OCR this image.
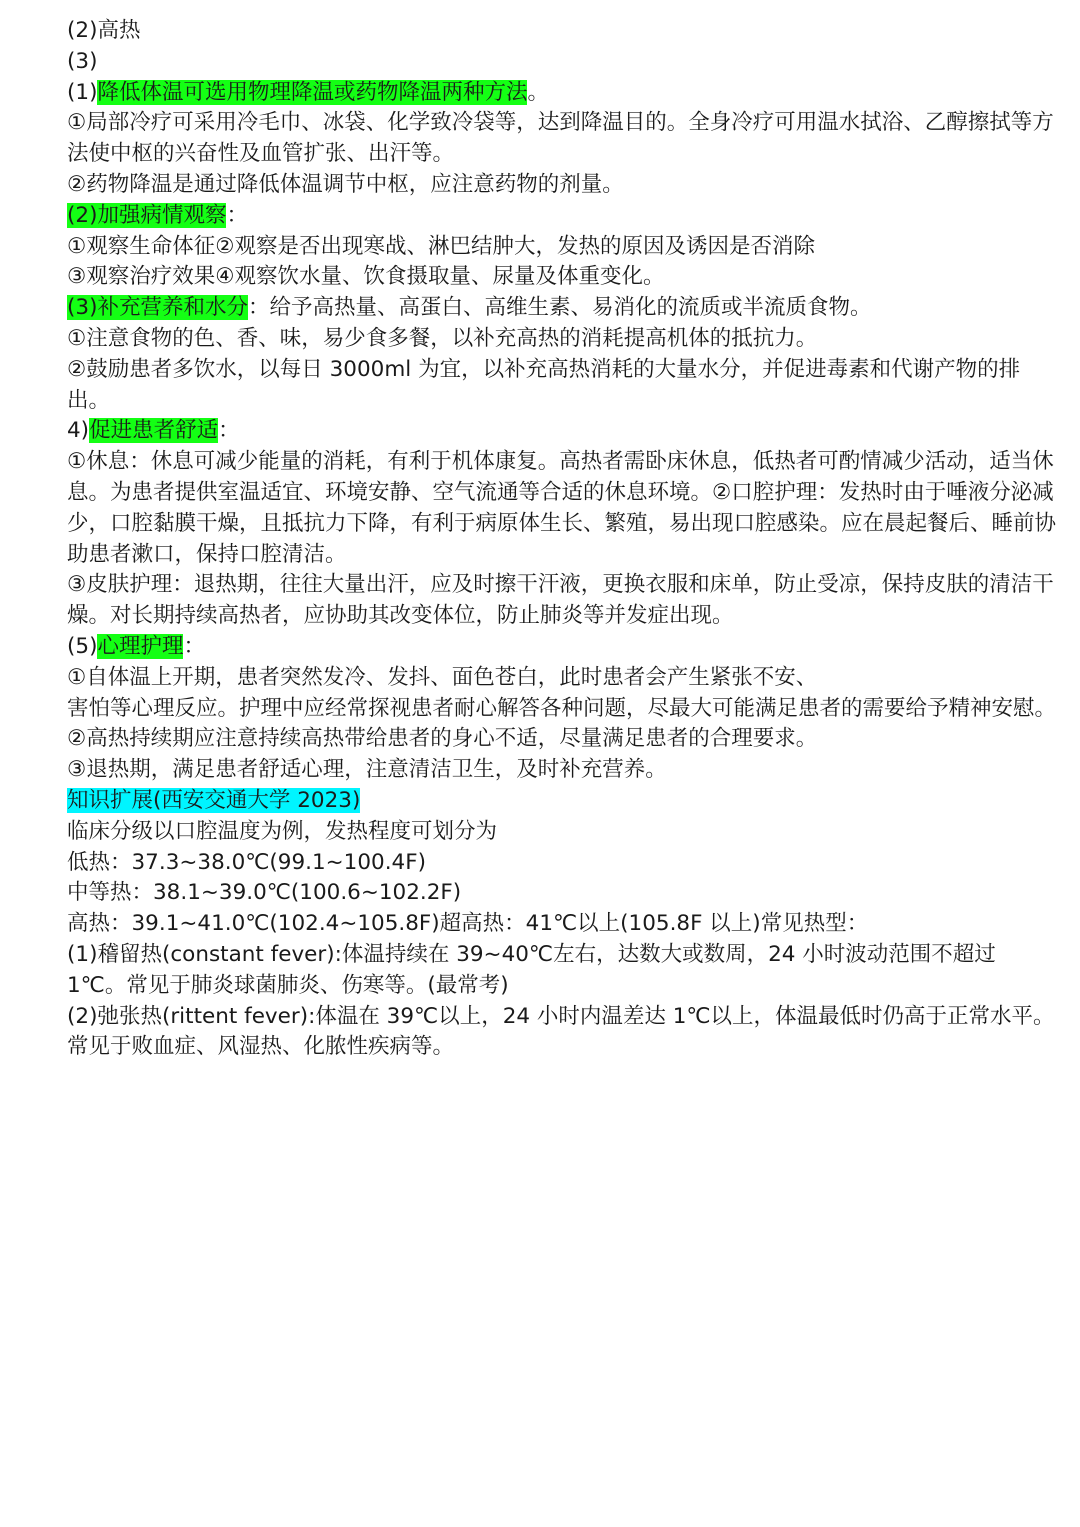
(2)高热

(3)

(1)降低体温可选用物理降温或药物降温两种方法。

①局部冷疗可采用冷毛巾、冰袋、化学致冷袋等，达到降温目的。全身冷疗可用温水拭浴、乙醇擦拭等方法使中枢的兴奋性及血管扩张、出汗等。

②药物降温是通过降低体温调节中枢，应注意药物的剂量。

(2)加强病情观察：

①观察生命体征②观察是否出现寒战、淋巴结肿大，发热的原因及诱因是否消除

③观察治疗效果④观察饮水量、饮食摄取量、尿量及体重变化。

(3)补充营养和水分：给予高热量、高蛋白、高维生素、易消化的流质或半流质食物。

①注意食物的色、香、味，易少食多餐，以补充高热的消耗提高机体的抵抗力。

②鼓励患者多饮水，以每日 3000ml 为宜，以补充高热消耗的大量水分，并促进毒素和代谢产物的排出。

4)促进患者舒适：

①休息：休息可减少能量的消耗，有利于机体康复。高热者需卧床休息，低热者可酌情减少活动，适当休息。为患者提供室温适宜、环境安静、空气流通等合适的休息环境。②口腔护理：发热时由于唾液分泌减少，口腔黏膜干燥，且抵抗力下降，有利于病原体生长、繁殖，易出现口腔感染。应在晨起餐后、睡前协助患者漱口，保持口腔清洁。

③皮肤护理：退热期，往往大量出汗，应及时擦干汗液，更换衣服和床单，防止受凉，保持皮肤的清洁干燥。对长期持续高热者，应协助其改变体位，防止肺炎等并发症出现。

(5)心理护理：

①自体温上开期，患者突然发冷、发抖、面色苍白，此时患者会产生紧张不安、

害怕等心理反应。护理中应经常探视患者耐心解答各种问题，尽最大可能满足患者的需要给予精神安慰。

②高热持续期应注意持续高热带给患者的身心不适，尽量满足患者的合理要求。

③退热期，满足患者舒适心理，注意清洁卫生，及时补充营养。

知识扩展(西安交通大学 2023)

临床分级以口腔温度为例，发热程度可划分为

低热：37.3~38.0℃(99.1~100.4F)

中等热：38.1~39.0℃(100.6~102.2F)

高热：39.1~41.0℃(102.4~105.8F)超高热：41℃以上(105.8F 以上)常见热型：

(1)稽留热(constant fever):体温持续在 39~40℃左右，达数大或数周，24 小时波动范围不超过 1℃。常见于肺炎球菌肺炎、伤寒等。(最常考)

(2)弛张热(rittent fever):体温在 39℃以上，24 小时内温差达 1℃以上，体温最低时仍高于正常水平。常见于败血症、风湿热、化脓性疾病等。
